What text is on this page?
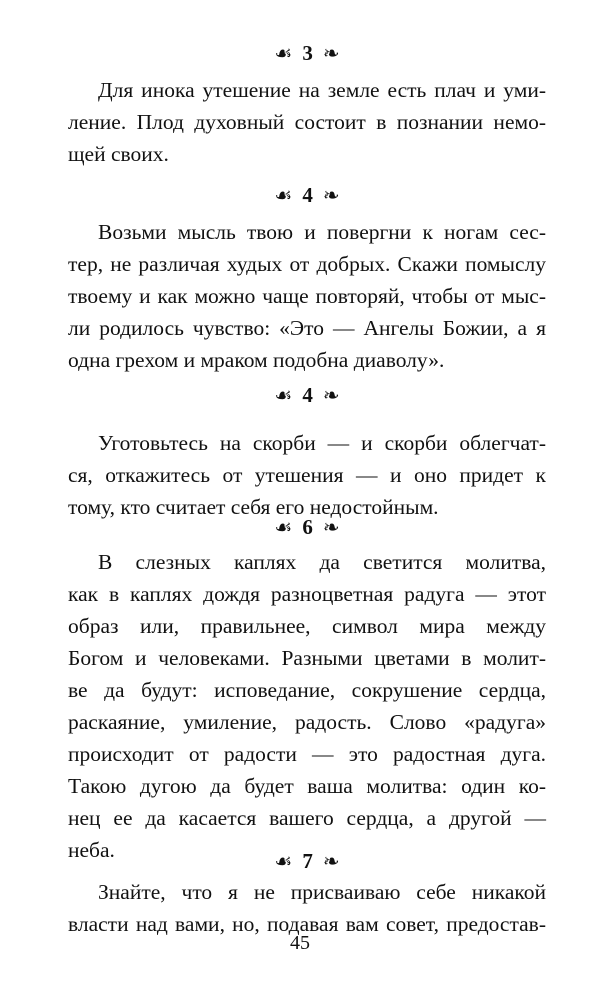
☙ 3 ❧
Для инока утешение на земле есть плач и уми-
ление. Плод духовный состоит в познании немо-
щей своих.
☙ 4 ❧
Возьми мысль твою и повергни к ногам сес-
тер, не различая худых от добрых. Скажи помыслу
твоему и как можно чаще повторяй, чтобы от мыс-
ли родилось чувство: «Это — Ангелы Божии, а я
одна грехом и мраком подобна диаволу».
☙ 4 ❧
Уготовьтесь на скорби — и скорби облегчат-
ся, откажитесь от утешения — и оно придет к
тому, кто считает себя его недостойным.
☙ 6 ❧
В слезных каплях да светится молитва,
как в каплях дождя разноцветная радуга — этот
образ или, правильнее, символ мира между
Богом и человеками. Разными цветами в молит-
ве да будут: исповедание, сокрушение сердца,
раскаяние, умиление, радость. Слово «радуга»
происходит от радости — это радостная дуга.
Такою дугою да будет ваша молитва: один ко-
нец ее да касается вашего сердца, а другой —
неба.	☙ 7 ❧
Знайте, что я не присваиваю себе никакой
власти над вами, но, подавая вам совет, предостав-
45
